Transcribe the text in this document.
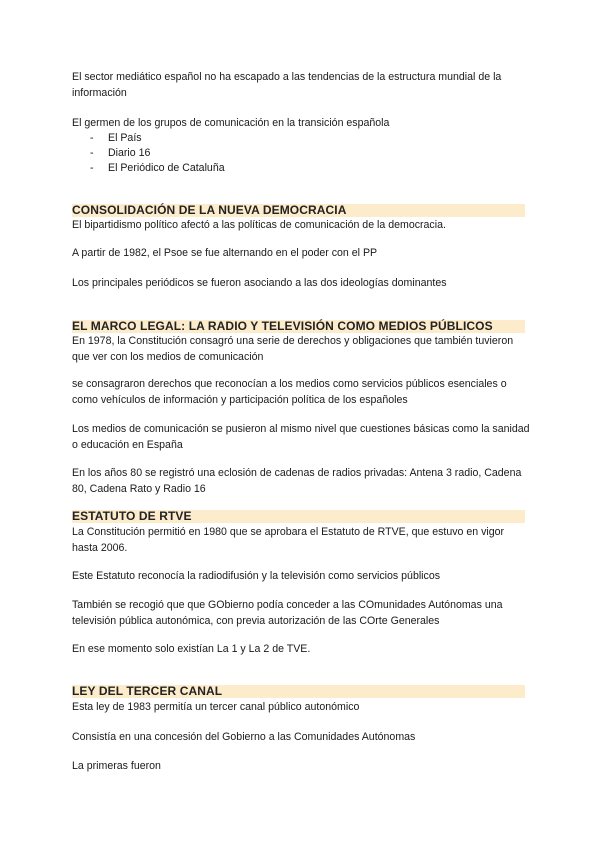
El sector mediático español no ha escapado a las tendencias de la estructura mundial de la información

El germen de los grupos de comunicación en la transición española

- El País
- Diario 16
- El Periódico de Cataluña
CONSOLIDACIÓN DE LA NUEVA DEMOCRACIA

El bipartidismo político afectó a las políticas de comunicación de la democracia.

A partir de 1982, el Psoe se fue alternando en el poder con el PP

Los principales periódicos se fueron asociando a las dos ideologías dominantes

EL MARCO LEGAL: LA RADIO Y TELEVISIÓN COMO MEDIOS PÚBLICOS

En 1978, la Constitución consagró una serie de derechos y obligaciones que también tuvieron que ver con los medios de comunicación

se consagraron derechos que reconocían a los medios como servicios públicos esenciales o como vehículos de información y participación política de los españoles

Los medios de comunicación se pusieron al mismo nivel que cuestiones básicas como la sanidad o educación en España

En los años 80 se registró una eclosión de cadenas de radios privadas: Antena 3 radio, Cadena 80, Cadena Rato y Radio 16

ESTATUTO DE RTVE

La Constitución permitió en 1980 que se aprobara el Estatuto de RTVE, que estuvo en vigor hasta 2006.

Este Estatuto reconocía la radiodifusión y la televisión como servicios públicos

También se recogió que que GObierno podía conceder a las COmunidades Autónomas una televisión pública autonómica, con previa autorización de las COrte Generales

En ese momento solo existían La 1 y La 2 de TVE.

LEY DEL TERCER CANAL

Esta ley de 1983 permitía un tercer canal público autonómico

Consistía en una concesión del Gobierno a las Comunidades Autónomas

La primeras fueron
